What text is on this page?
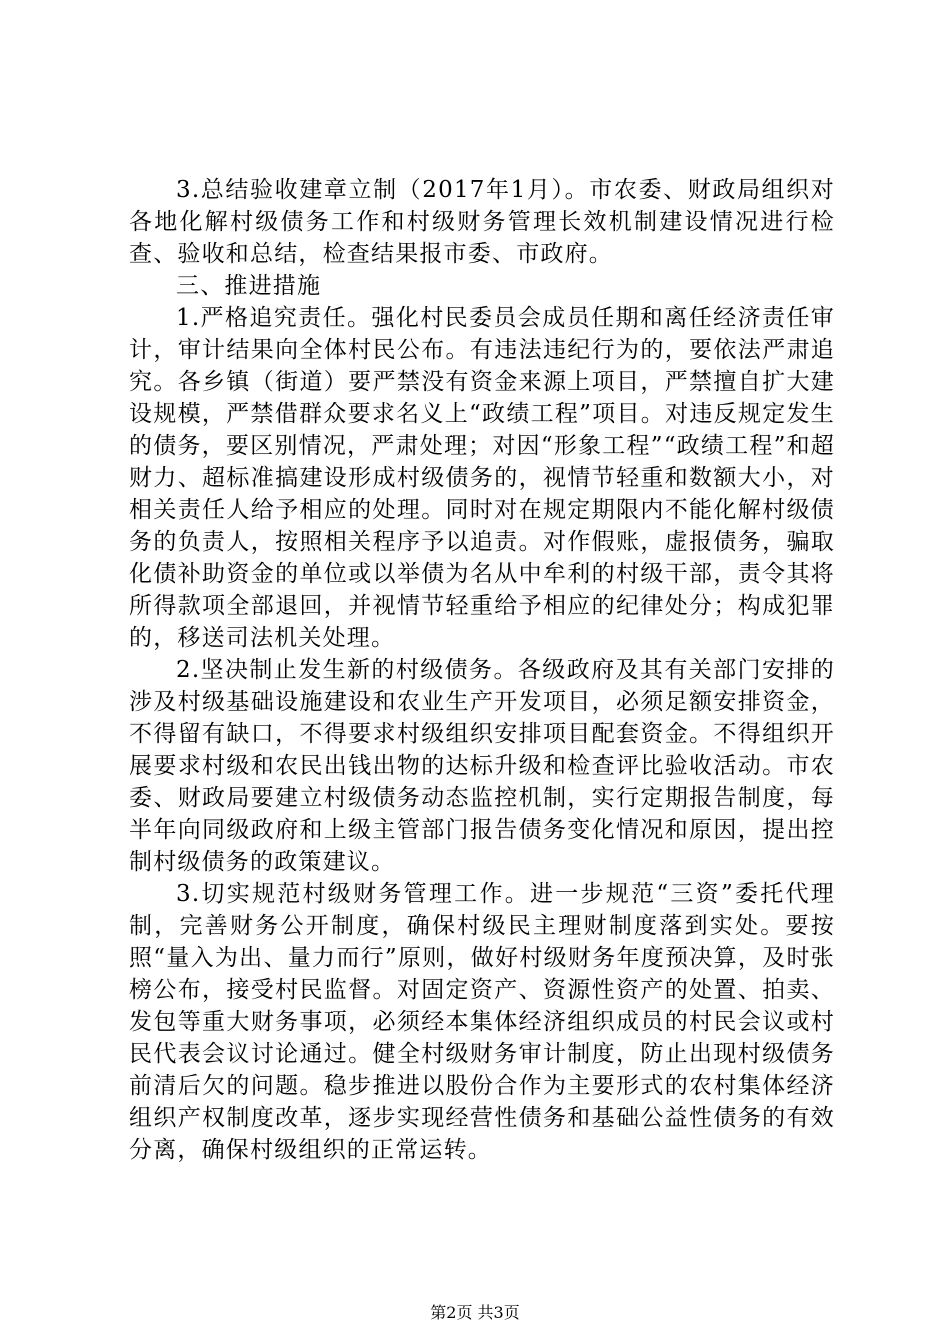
3.总结验收建章立制（2017年1月）。市农委、财政局组织对各地化解村级债务工作和村级财务管理长效机制建设情况进行检查、验收和总结，检查结果报市委、市政府。

三、推进措施

1.严格追究责任。强化村民委员会成员任期和离任经济责任审计，审计结果向全体村民公布。有违法违纪行为的，要依法严肃追究。各乡镇（街道）要严禁没有资金来源上项目，严禁擅自扩大建设规模，严禁借群众要求名义上“政绩工程”项目。对违反规定发生的债务，要区别情况，严肃处理；对因“形象工程”“政绩工程”和超财力、超标准搞建设形成村级债务的，视情节轻重和数额大小，对相关责任人给予相应的处理。同时对在规定期限内不能化解村级债务的负责人，按照相关程序予以追责。对作假账，虚报债务，骗取化债补助资金的单位或以举债为名从中牟利的村级干部，责令其将所得款项全部退回，并视情节轻重给予相应的纪律处分；构成犯罪的，移送司法机关处理。

2.坚决制止发生新的村级债务。各级政府及其有关部门安排的涉及村级基础设施建设和农业生产开发项目，必须足额安排资金，不得留有缺口，不得要求村级组织安排项目配套资金。不得组织开展要求村级和农民出钱出物的达标升级和检查评比验收活动。市农委、财政局要建立村级债务动态监控机制，实行定期报告制度，每半年向同级政府和上级主管部门报告债务变化情况和原因，提出控制村级债务的政策建议。

3.切实规范村级财务管理工作。进一步规范“三资”委托代理制，完善财务公开制度，确保村级民主理财制度落到实处。要按照“量入为出、量力而行”原则，做好村级财务年度预决算，及时张榜公布，接受村民监督。对固定资产、资源性资产的处置、拍卖、发包等重大财务事项，必须经本集体经济组织成员的村民会议或村民代表会议讨论通过。健全村级财务审计制度，防止出现村级债务前清后欠的问题。稳步推进以股份合作为主要形式的农村集体经济组织产权制度改革，逐步实现经营性债务和基础公益性债务的有效分离，确保村级组织的正常运转。

第2页 共3页
